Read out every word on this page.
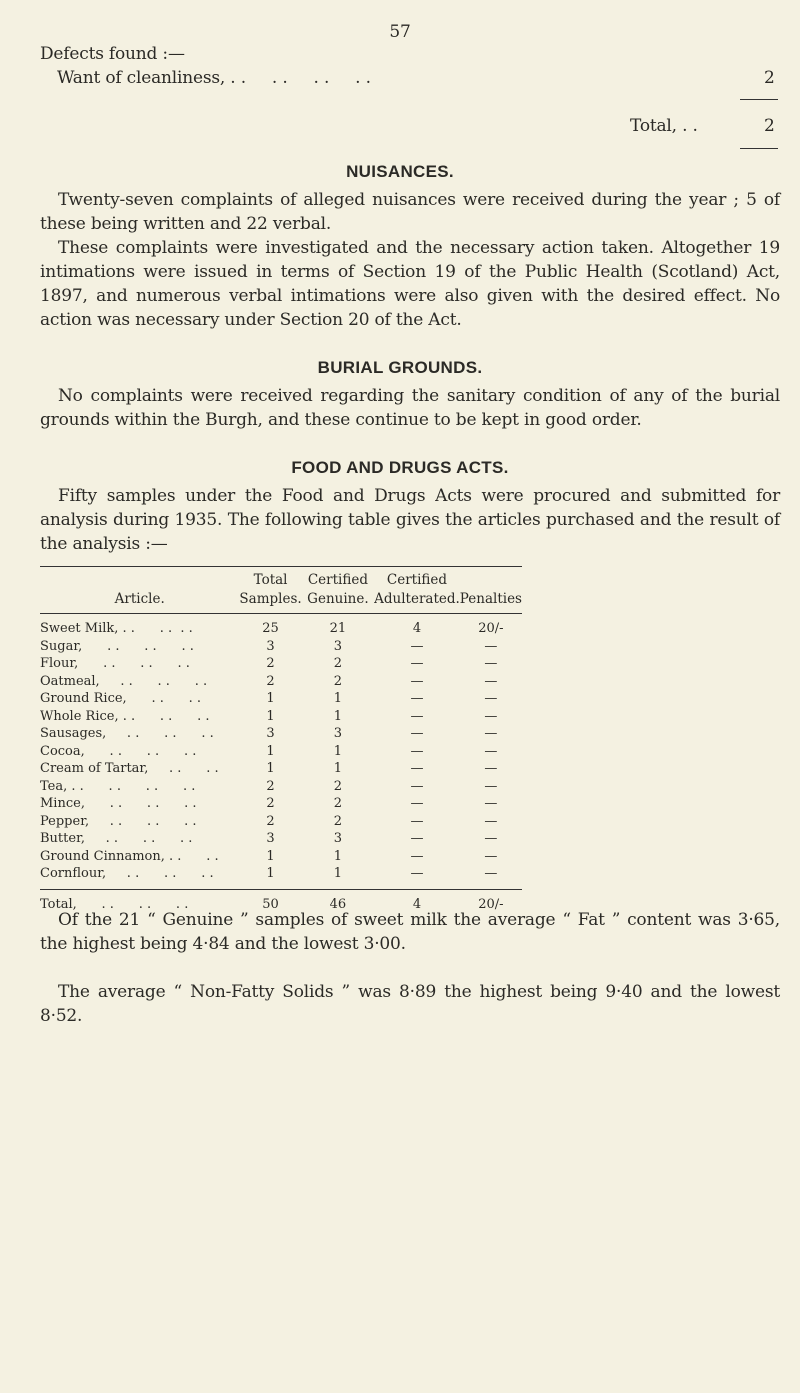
57
Defects found :—
Want of cleanliness, . .     . .     . .     . .	2
Total, . .	2
NUISANCES.
Twenty-seven complaints of alleged nuisances were received during the year ; 5 of these being written and 22 verbal.
These complaints were investigated and the necessary action taken. Altogether 19 intimations were issued in terms of Section 19 of the Public Health (Scotland) Act, 1897, and numerous verbal intimations were also given with the desired effect. No action was necessary under Section 20 of the Act.
BURIAL GROUNDS.
No complaints were received regarding the sanitary condition of any of the burial grounds within the Burgh, and these continue to be kept in good order.
FOOD AND DRUGS ACTS.
Fifty samples under the Food and Drugs Acts were procured and submitted for analysis during 1935. The following table gives the articles purchased and the result of the analysis :—
	Total	Certified	Certified	
Article.	Samples.	Genuine.	Adulterated.	Penalties

Sweet Milk, . .      . .  . .	25	21	4	20/-
Sugar,      . .      . .      . .	3	3	—	—
Flour,      . .      . .      . .	2	2	—	—
Oatmeal,     . .      . .      . .	2	2	—	—
Ground Rice,      . .      . .	1	1	—	—
Whole Rice, . .      . .      . .	1	1	—	—
Sausages,     . .      . .      . .	3	3	—	—
Cocoa,      . .      . .      . .	1	1	—	—
Cream of Tartar,     . .      . .	1	1	—	—
Tea, . .      . .      . .      . .	2	2	—	—
Mince,      . .      . .      . .	2	2	—	—
Pepper,     . .      . .      . .	2	2	—	—
Butter,     . .      . .      . .	3	3	—	—
Ground Cinnamon, . .      . .	1	1	—	—
Cornflour,     . .      . .      . .	1	1	—	—

Total,      . .      . .      . .	50	46	4	20/-
Of the 21 “ Genuine ” samples of sweet milk the average “ Fat ” content was 3·65, the highest being 4·84 and the lowest 3·00.
The average “ Non-Fatty Solids ” was 8·89 the highest being 9·40 and the lowest 8·52.
